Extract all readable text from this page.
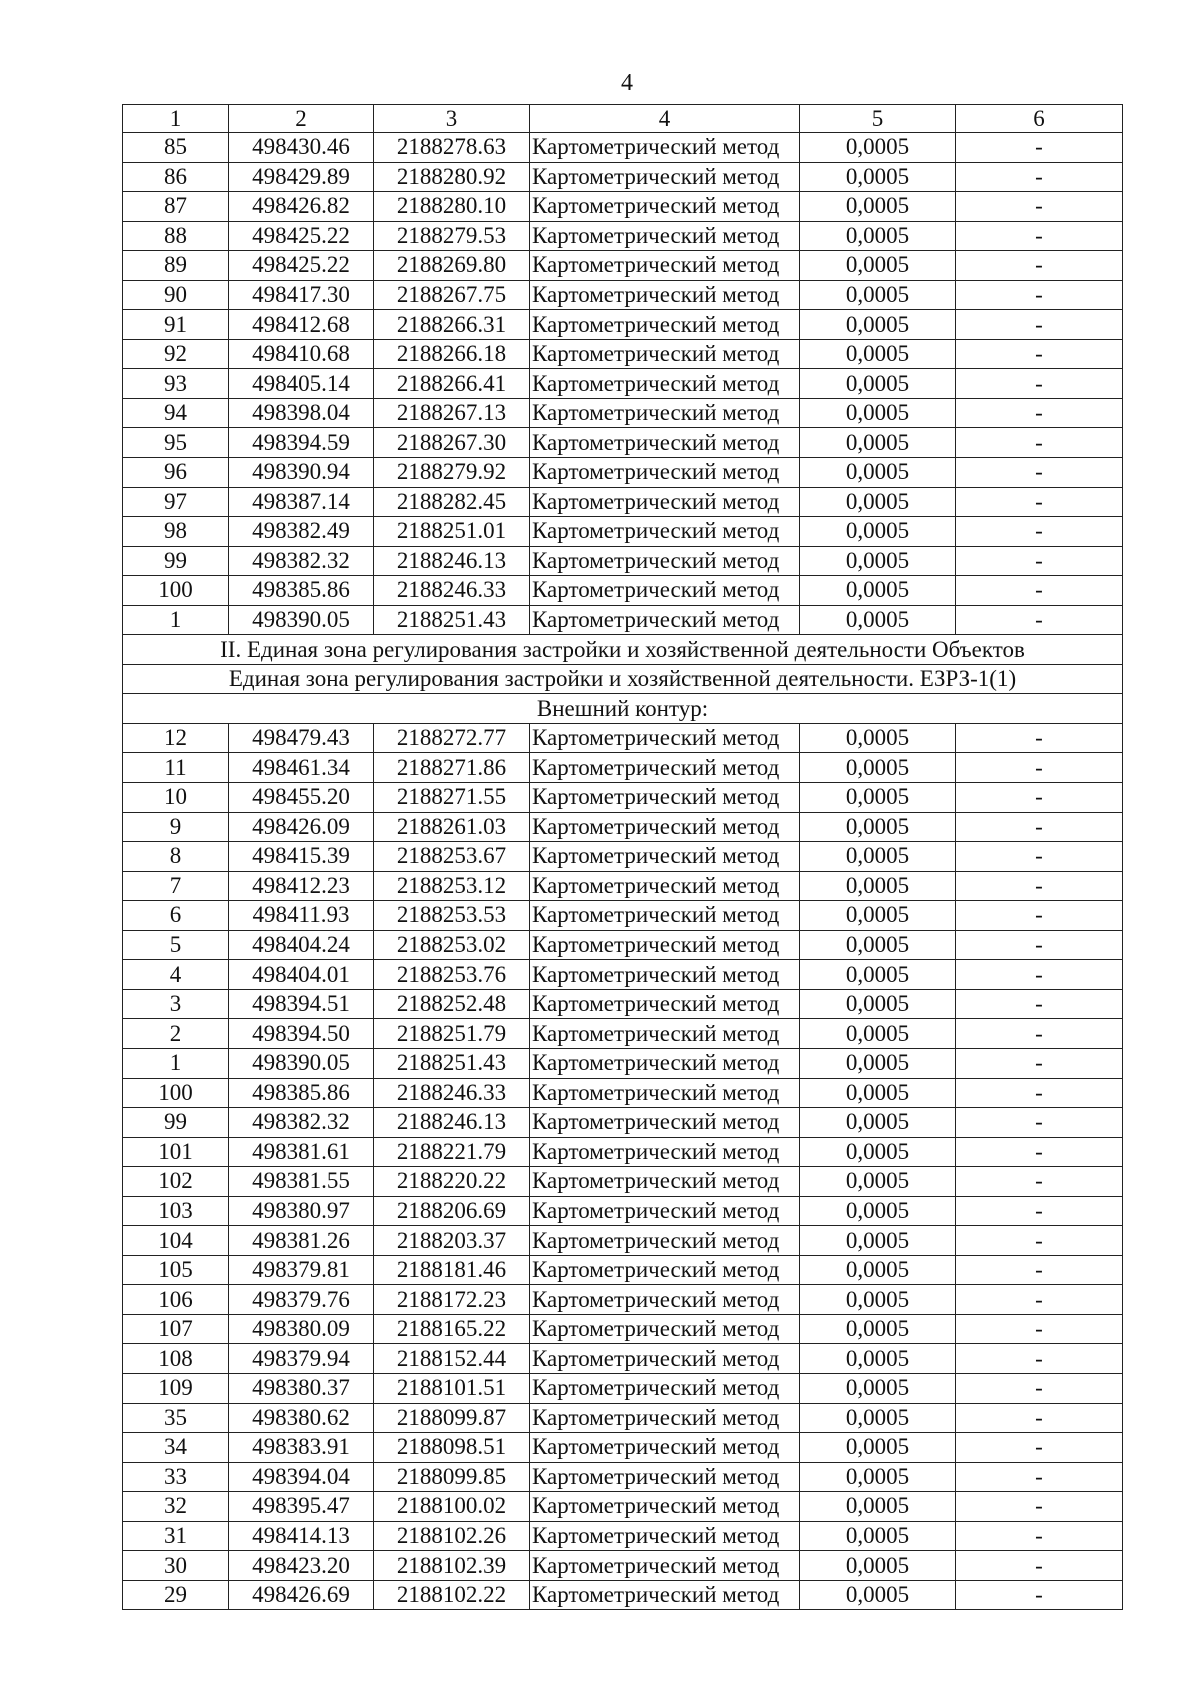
4
1	2	3	4	5	6
85	498430.46	2188278.63	Картометрический метод	0,0005	-
86	498429.89	2188280.92	Картометрический метод	0,0005	-
87	498426.82	2188280.10	Картометрический метод	0,0005	-
88	498425.22	2188279.53	Картометрический метод	0,0005	-
89	498425.22	2188269.80	Картометрический метод	0,0005	-
90	498417.30	2188267.75	Картометрический метод	0,0005	-
91	498412.68	2188266.31	Картометрический метод	0,0005	-
92	498410.68	2188266.18	Картометрический метод	0,0005	-
93	498405.14	2188266.41	Картометрический метод	0,0005	-
94	498398.04	2188267.13	Картометрический метод	0,0005	-
95	498394.59	2188267.30	Картометрический метод	0,0005	-
96	498390.94	2188279.92	Картометрический метод	0,0005	-
97	498387.14	2188282.45	Картометрический метод	0,0005	-
98	498382.49	2188251.01	Картометрический метод	0,0005	-
99	498382.32	2188246.13	Картометрический метод	0,0005	-
100	498385.86	2188246.33	Картометрический метод	0,0005	-
1	498390.05	2188251.43	Картометрический метод	0,0005	-
II. Единая зона регулирования застройки и хозяйственной деятельности Объектов					
Единая зона регулирования застройки и хозяйственной деятельности. ЕЗРЗ-1(1)					
Внешний контур:					
12	498479.43	2188272.77	Картометрический метод	0,0005	-
11	498461.34	2188271.86	Картометрический метод	0,0005	-
10	498455.20	2188271.55	Картометрический метод	0,0005	-
9	498426.09	2188261.03	Картометрический метод	0,0005	-
8	498415.39	2188253.67	Картометрический метод	0,0005	-
7	498412.23	2188253.12	Картометрический метод	0,0005	-
6	498411.93	2188253.53	Картометрический метод	0,0005	-
5	498404.24	2188253.02	Картометрический метод	0,0005	-
4	498404.01	2188253.76	Картометрический метод	0,0005	-
3	498394.51	2188252.48	Картометрический метод	0,0005	-
2	498394.50	2188251.79	Картометрический метод	0,0005	-
1	498390.05	2188251.43	Картометрический метод	0,0005	-
100	498385.86	2188246.33	Картометрический метод	0,0005	-
99	498382.32	2188246.13	Картометрический метод	0,0005	-
101	498381.61	2188221.79	Картометрический метод	0,0005	-
102	498381.55	2188220.22	Картометрический метод	0,0005	-
103	498380.97	2188206.69	Картометрический метод	0,0005	-
104	498381.26	2188203.37	Картометрический метод	0,0005	-
105	498379.81	2188181.46	Картометрический метод	0,0005	-
106	498379.76	2188172.23	Картометрический метод	0,0005	-
107	498380.09	2188165.22	Картометрический метод	0,0005	-
108	498379.94	2188152.44	Картометрический метод	0,0005	-
109	498380.37	2188101.51	Картометрический метод	0,0005	-
35	498380.62	2188099.87	Картометрический метод	0,0005	-
34	498383.91	2188098.51	Картометрический метод	0,0005	-
33	498394.04	2188099.85	Картометрический метод	0,0005	-
32	498395.47	2188100.02	Картометрический метод	0,0005	-
31	498414.13	2188102.26	Картометрический метод	0,0005	-
30	498423.20	2188102.39	Картометрический метод	0,0005	-
29	498426.69	2188102.22	Картометрический метод	0,0005	-
